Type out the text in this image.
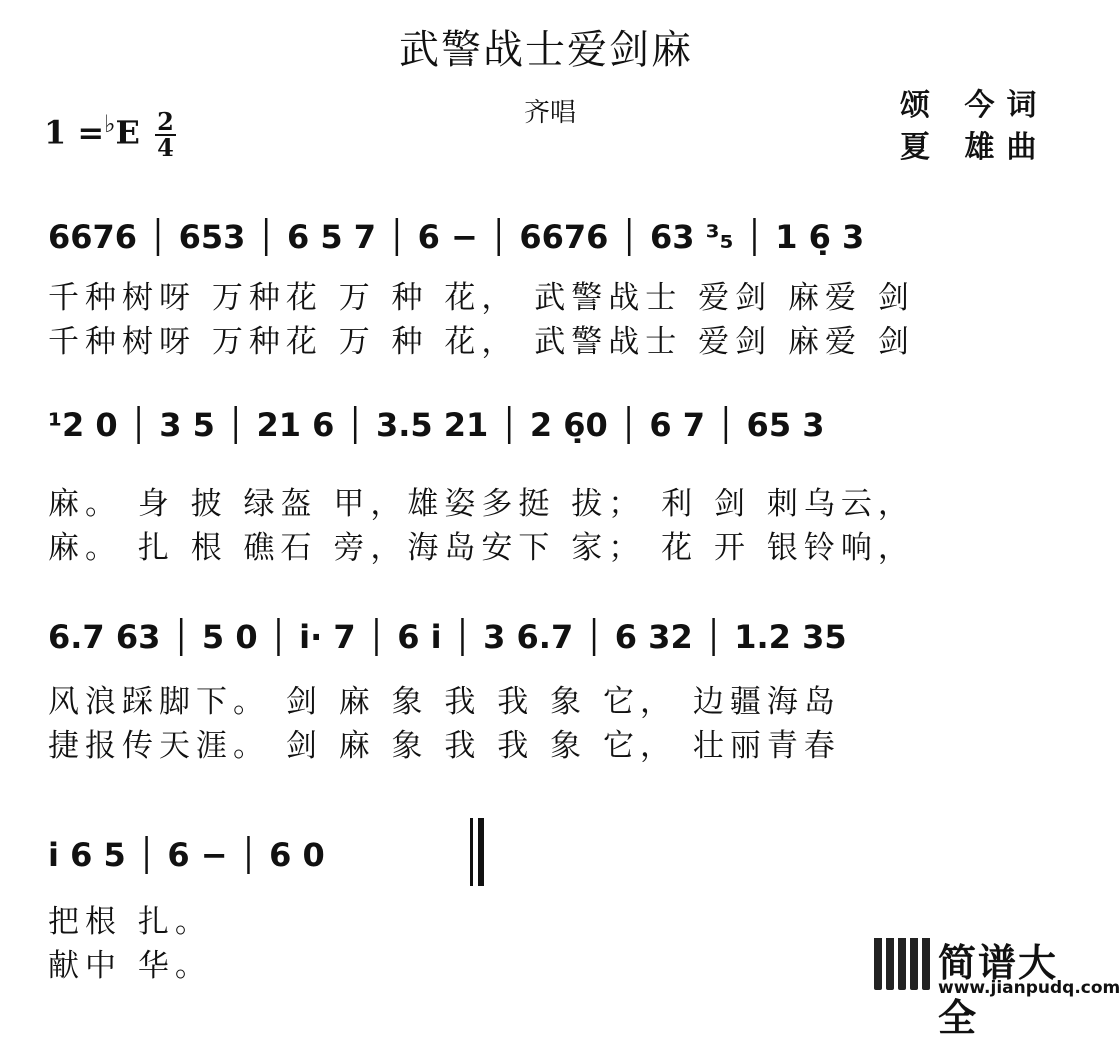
武警战士爱剑麻
齐唱	颂 今词
夏 雄曲
$1 =^♭E \frac{2}{4}$
6676 │ 653 │ 6 5 7 │ 6 − │ 6676 │ 63 ³₅ │ 1 6̣ 3
千种树呀 万种花 万 种 花， 武警战士 爱剑 麻爱 剑
千种树呀 万种花 万 种 花， 武警战士 爱剑 麻爱 剑
¹2 0 │ 3 5 │ 21 6 │ 3.5 21 │ 2 6̣0 │ 6 7 │ 65 3
麻。 身 披 绿盔 甲，雄姿多挺 拔； 利 剑 刺乌云，
麻。 扎 根 礁石 旁，海岛安下 家； 花 开 银铃响，
6.7 63 │ 5 0 │ i· 7 │ 6 i │ 3 6.7 │ 6 32 │ 1.2 35
风浪踩脚下。 剑 麻 象 我 我 象 它， 边疆海岛
捷报传天涯。 剑 麻 象 我 我 象 它， 壮丽青春
i 6 5 │ 6 − │ 6 0
把根 扎。
献中 华。	简谱大全
www.jianpudq.com
